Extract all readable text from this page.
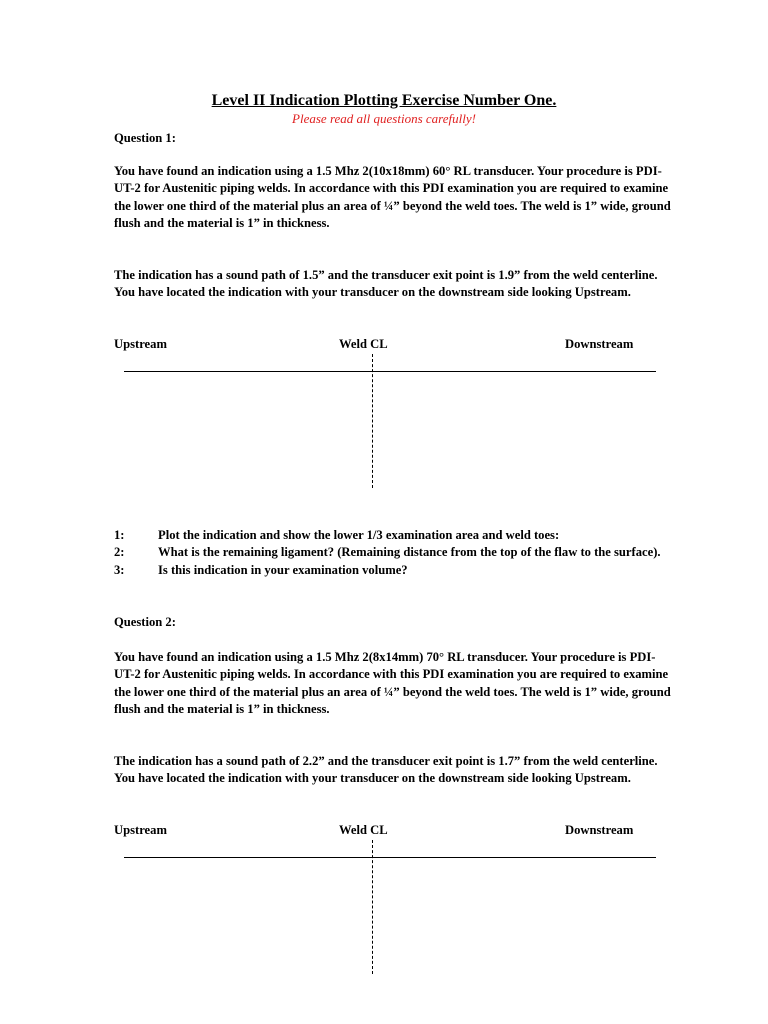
Level II Indication Plotting Exercise Number One.
Please read all questions carefully!
Question 1:

You have found an indication using a 1.5 Mhz 2(10x18mm) 60° RL transducer. Your procedure is PDI-UT-2 for Austenitic piping welds. In accordance with this PDI examination you are required to examine the lower one third of the material plus an area of ¼” beyond the weld toes. The weld is 1” wide, ground flush and the material is 1” in thickness.

The indication has a sound path of 1.5” and the transducer exit point is 1.9” from the weld centerline. You have located the indication with your transducer on the downstream side looking Upstream.

Upstream	Weld CL	Downstream
1:	Plot the indication and show the lower 1/3 examination area and weld toes:
2:	What is the remaining ligament? (Remaining distance from the top of the flaw to the surface).
3:	Is this indication in your examination volume?
Question 2:

You have found an indication using a 1.5 Mhz 2(8x14mm) 70° RL transducer. Your procedure is PDI-UT-2 for Austenitic piping welds. In accordance with this PDI examination you are required to examine the lower one third of the material plus an area of ¼” beyond the weld toes. The weld is 1” wide, ground flush and the material is 1” in thickness.

The indication has a sound path of 2.2” and the transducer exit point is 1.7” from the weld centerline. You have located the indication with your transducer on the downstream side looking Upstream.

Upstream	Weld CL	Downstream
